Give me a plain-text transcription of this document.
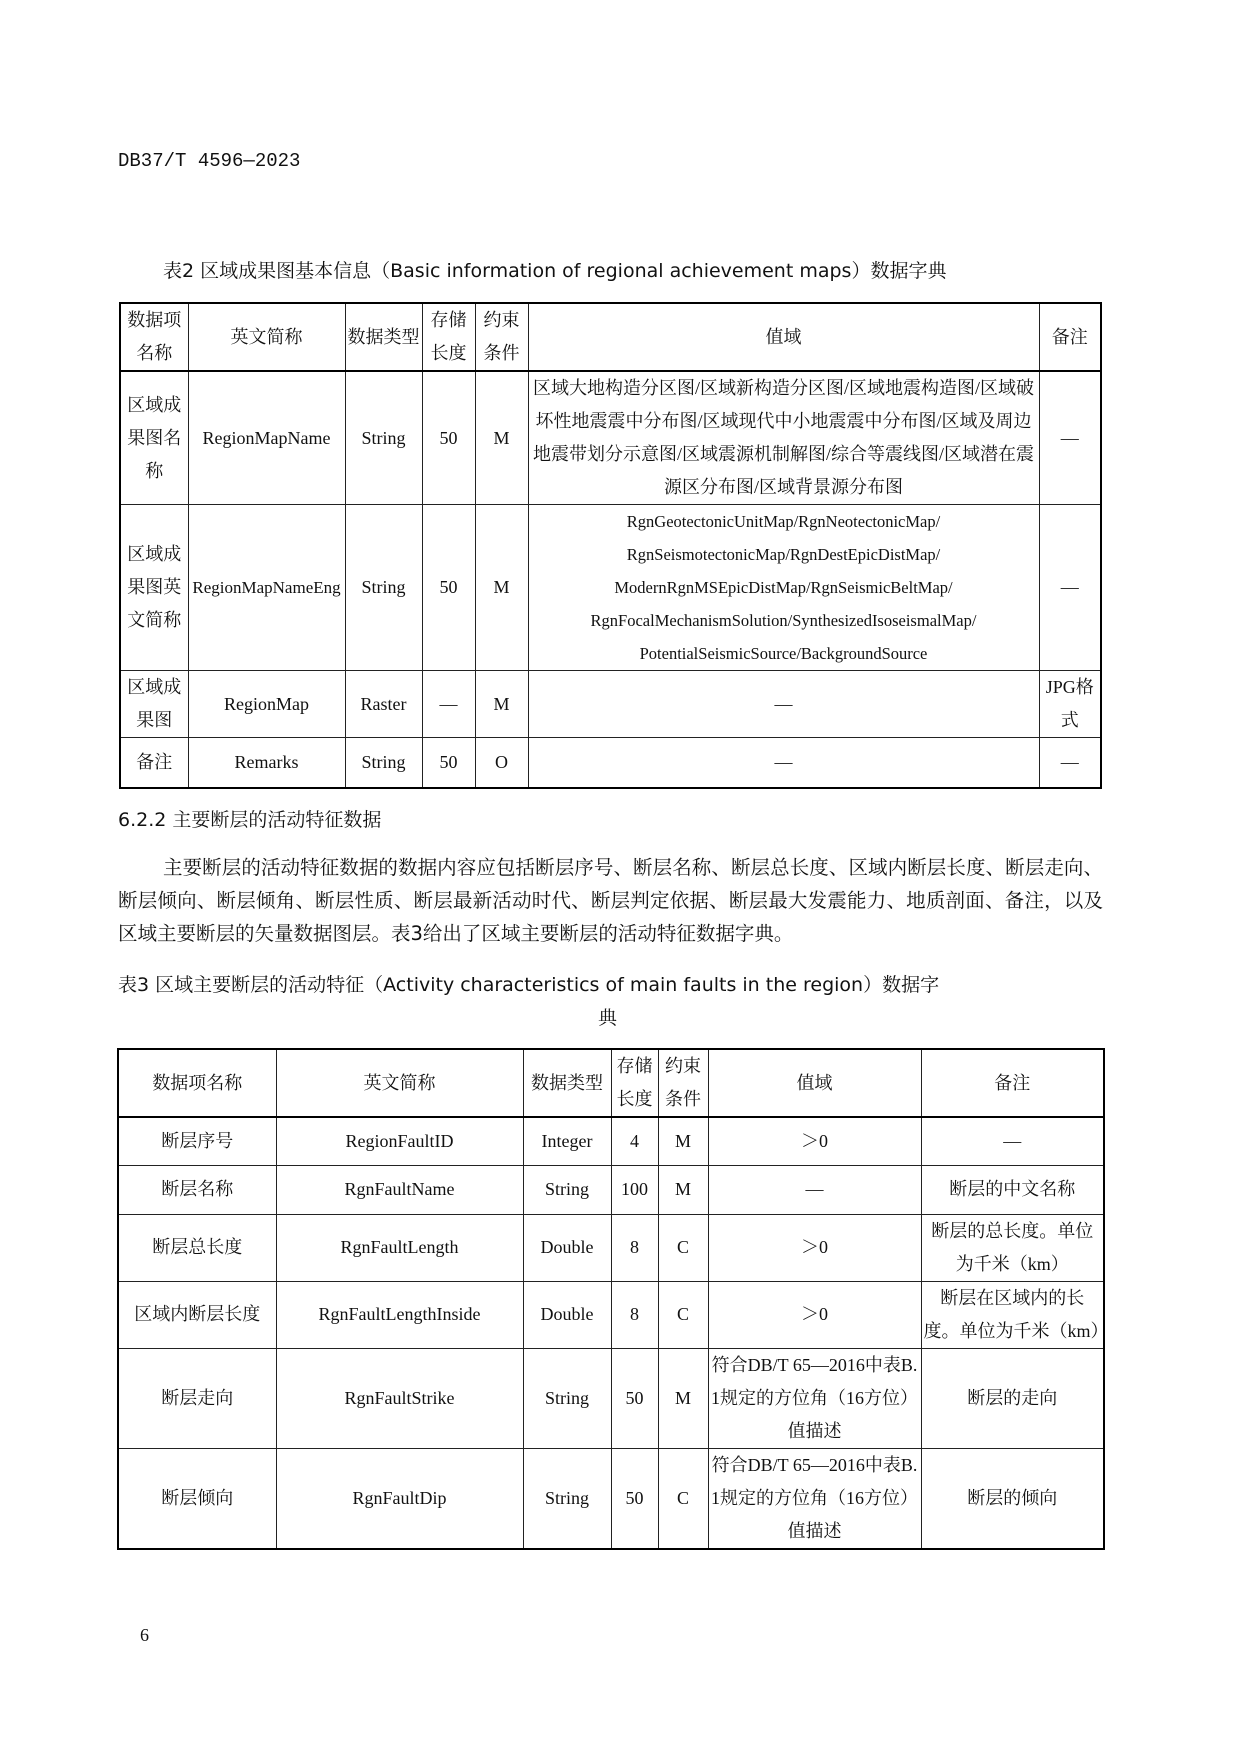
DB37/T 4596—2023
表2 区域成果图基本信息（Basic information of regional achievement maps）数据字典
数据项名称	英文简称	数据类型	存储长度	约束条件	值域	备注
区域成果图名称	RegionMapName	String	50	M	区域大地构造分区图/区域新构造分区图/区域地震构造图/区域破坏性地震震中分布图/区域现代中小地震震中分布图/区域及周边地震带划分示意图/区域震源机制解图/综合等震线图/区域潜在震源区分布图/区域背景源分布图	—
区域成果图英文简称	RegionMapNameEng	String	50	M	RgnGeotectonicUnitMap/RgnNeotectonicMap/ RgnSeismotectonicMap/RgnDestEpicDistMap/ ModernRgnMSEpicDistMap/RgnSeismicBeltMap/ RgnFocalMechanismSolution/SynthesizedIsoseismalMap/ PotentialSeismicSource/BackgroundSource	—
区域成果图	RegionMap	Raster	—	M	—	JPG格式
备注	Remarks	String	50	O	—	—
6.2.2 主要断层的活动特征数据
主要断层的活动特征数据的数据内容应包括断层序号、断层名称、断层总长度、区域内断层长度、断层走向、断层倾向、断层倾角、断层性质、断层最新活动时代、断层判定依据、断层最大发震能力、地质剖面、备注，以及区域主要断层的矢量数据图层。表3给出了区域主要断层的活动特征数据字典。
表3 区域主要断层的活动特征（Activity characteristics of main faults in the region）数据字
典
数据项名称	英文简称	数据类型	存储长度	约束条件	值域	备注
断层序号	RegionFaultID	Integer	4	M	＞0	—
断层名称	RgnFaultName	String	100	M	—	断层的中文名称
断层总长度	RgnFaultLength	Double	8	C	＞0	断层的总长度。单位为千米（km）
区域内断层长度	RgnFaultLengthInside	Double	8	C	＞0	断层在区域内的长度。单位为千米（km）
断层走向	RgnFaultStrike	String	50	M	符合DB/T 65—2016中表B.1规定的方位角（16方位）值描述	断层的走向
断层倾向	RgnFaultDip	String	50	C	符合DB/T 65—2016中表B.1规定的方位角（16方位）值描述	断层的倾向
6
